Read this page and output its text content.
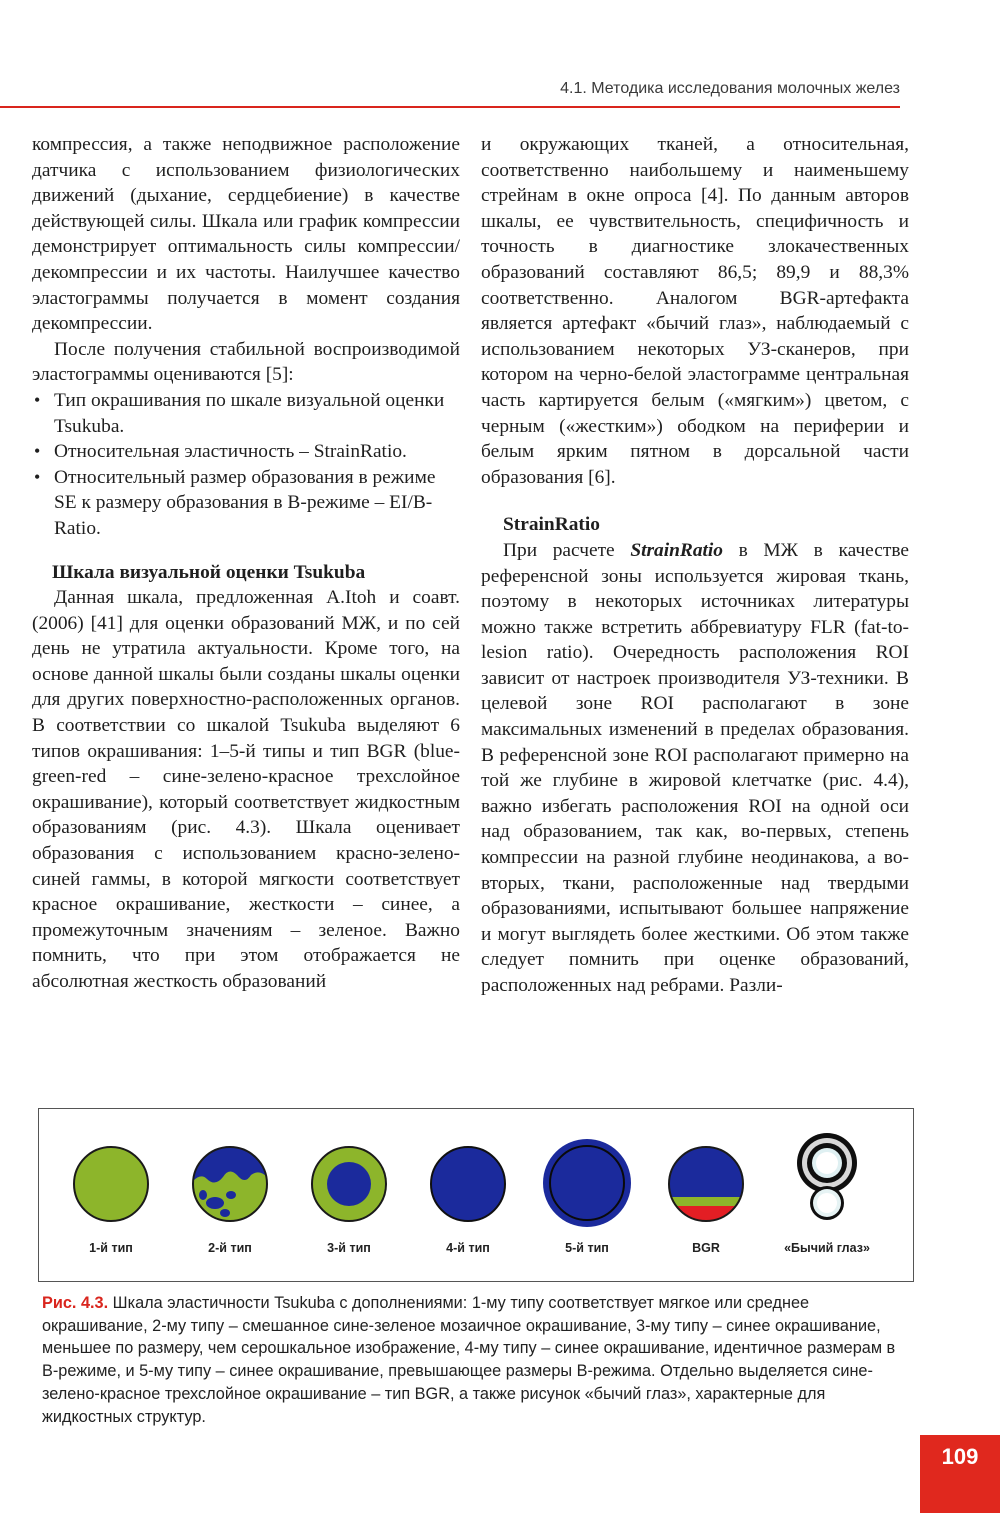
4.1. Методика исследования молочных желез

компрессия, а также неподвижное расположение датчика с использованием физиологических движений (дыхание, сердцебиение) в качестве действующей силы. Шкала или график компрессии демонстрирует оптимальность силы компрессии/декомпрессии и их частоты. Наилучшее качество эластограммы получается в момент создания декомпрессии.

После получения стабильной воспроизводимой эластограммы оцениваются [5]:

• Тип окрашивания по шкале визуальной оценки Tsukuba.
• Относительная эластичность – StrainRatio.
• Относительный размер образования в режиме SE к размеру образования в В-режиме – EI/B-Ratio.

Шкала визуальной оценки Tsukuba

Данная шкала, предложенная A.Itoh и соавт. (2006) [41] для оценки образований МЖ, и по сей день не утратила актуальности. Кроме того, на основе данной шкалы были созданы шкалы оценки для других поверхностно-расположенных органов. В соответствии со шкалой Tsukuba выделяют 6 типов окрашивания: 1–5-й типы и тип BGR (blue-green-red – сине-зелено-красное трехслойное окрашивание), который соответствует жидкостным образованиям (рис. 4.3). Шкала оценивает образования с использованием красно-зелено-синей гаммы, в которой мягкости соответствует красное окрашивание, жесткости – синее, а промежуточным значениям – зеленое. Важно помнить, что при этом отображается не абсолютная жесткость образований

и окружающих тканей, а относительная, соответственно наибольшему и наименьшему стрейнам в окне опроса [4]. По данным авторов шкалы, ее чувствительность, специфичность и точность в диагностике злокачественных образований составляют 86,5; 89,9 и 88,3% соответственно. Аналогом BGR-артефакта является артефакт «бычий глаз», наблюдаемый с использованием некоторых УЗ-сканеров, при котором на черно-белой эластограмме центральная часть картируется белым («мягким») цветом, с черным («жестким») ободком на периферии и белым ярким пятном в дорсальной части образования [6].

StrainRatio

При расчете StrainRatio в МЖ в качестве референсной зоны используется жировая ткань, поэтому в некоторых источниках литературы можно также встретить аббревиатуру FLR (fat-to-lesion ratio). Очередность расположения ROI зависит от настроек производителя УЗ-техники. В целевой зоне ROI располагают в зоне максимальных изменений в пределах образования. В референсной зоне ROI располагают примерно на той же глубине в жировой клетчатке (рис. 4.4), важно избегать расположения ROI на одной оси над образованием, так как, во-первых, степень компрессии на разной глубине неодинакова, а во-вторых, ткани, расположенные над твердыми образованиями, испытывают большее напряжение и могут выглядеть более жесткими. Об этом также следует помнить при оценке образований, расположенных над ребрами. Разли-

1-й тип	2-й тип	3-й тип	4-й тип	5-й тип	BGR	«Бычий глаз»
Рис. 4.3. Шкала эластичности Tsukuba с дополнениями: 1-му типу соответствует мягкое или среднее окрашивание, 2-му типу – смешанное сине-зеленое мозаичное окрашивание, 3-му типу – синее окрашивание, меньшее по размеру, чем серошкальное изображение, 4-му типу – синее окрашивание, идентичное размерам в В-режиме, и 5-му типу – синее окрашивание, превышающее размеры В-режима. Отдельно выделяется сине-зелено-красное трехслойное окрашивание – тип BGR, а также рисунок «бычий глаз», характерные для жидкостных структур.
109
